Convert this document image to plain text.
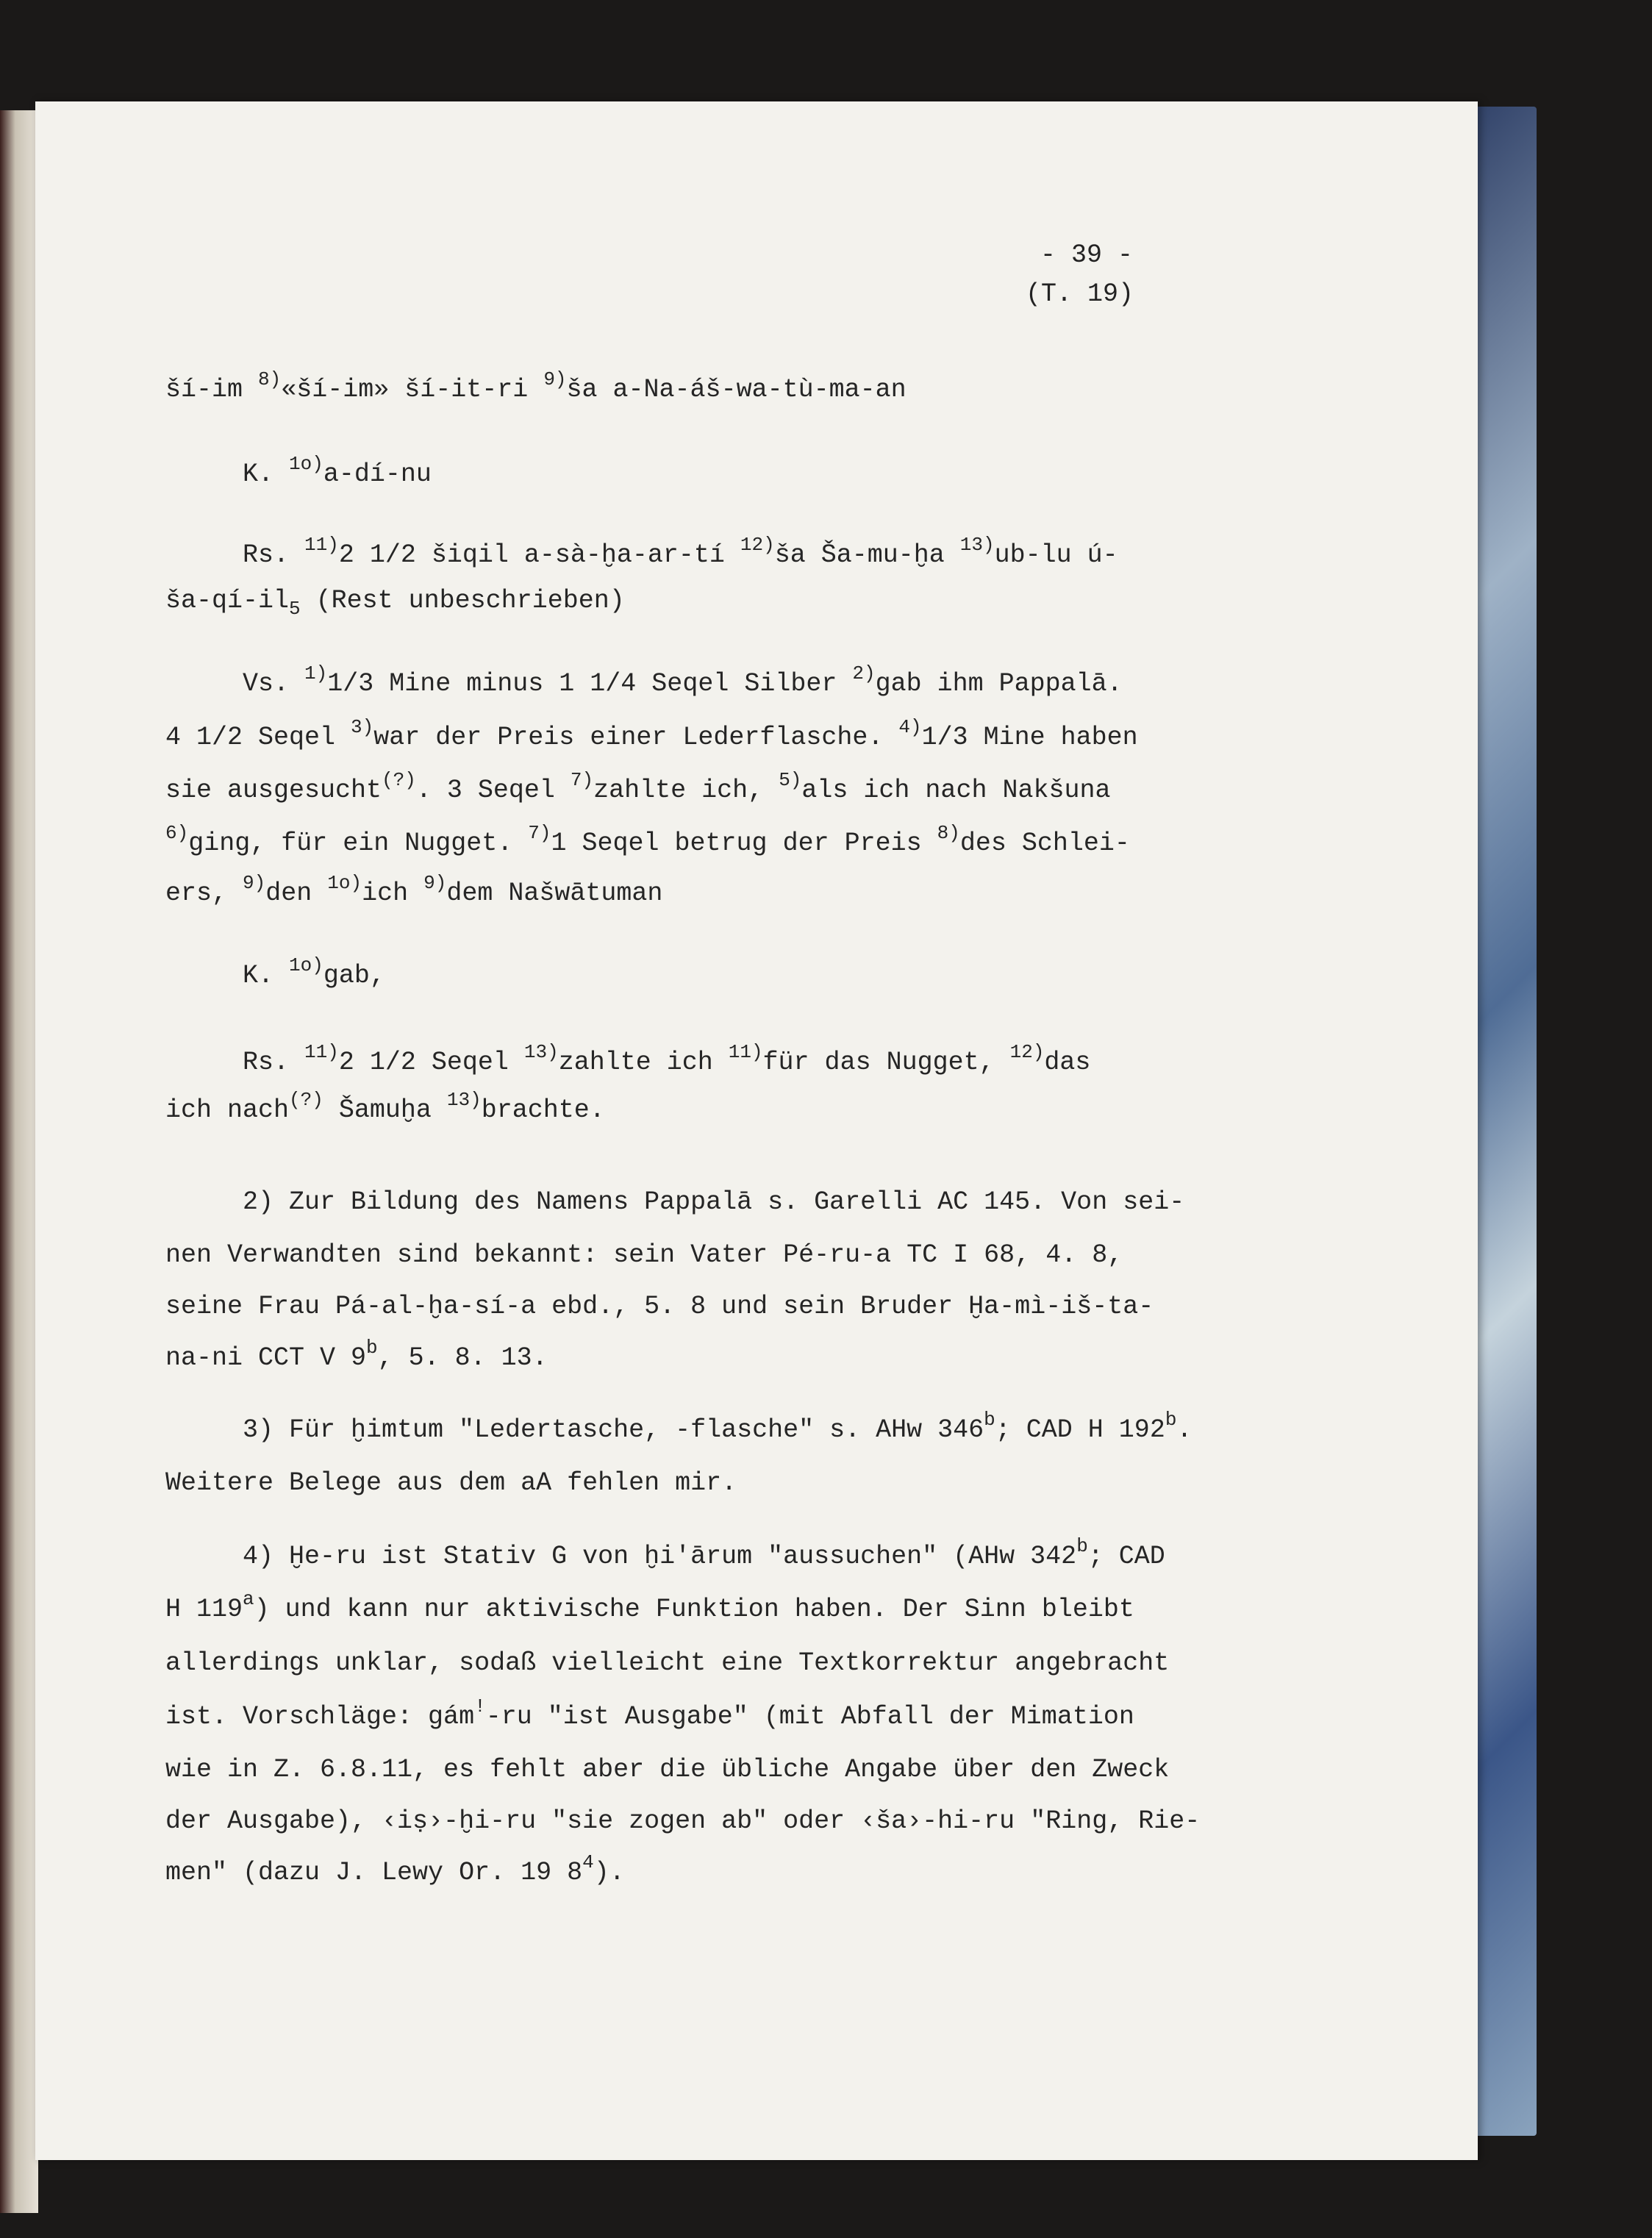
- 39 -
(T. 19)
ší-im $^{8)}$«ší-im» ší-it-ri $^{9)}$ša a-Na-áš-wa-tù-ma-an
K. $^{1o)}$a-dí-nu
Rs. $^{11)}$2 1/2 šiqil a-sà-ḫa-ar-tí $^{12)}$ša Ša-mu-ḫa $^{13)}$ub-lu ú-
$ša-qí-il_5$ (Rest unbeschrieben)
Vs. $^{1)}$1/3 Mine minus 1 1/4 Seqel Silber $^{2)}$gab ihm Pappalā.
4 1/2 Seqel $^{3)}$war der Preis einer Lederflasche. $^{4)}$1/3 Mine haben
sie ausgesucht(?). 3 Seqel $^{7)}$zahlte ich, $^{5)}$als ich nach Nakšuna
$^{6)}$ging, für ein Nugget. $^{7)}$1 Seqel betrug der Preis $^{8)}$des Schlei-
ers, $^{9)}$den $^{1o)}$ich $^{9)}$dem Našwātuman
K. $^{1o)}$gab,
Rs. $^{11)}$2 1/2 Seqel $^{13)}$zahlte ich $^{11)}$für das Nugget, $^{12)}$das
ich nach(?) Šamuḫa $^{13)}$brachte.
2) Zur Bildung des Namens Pappalā s. Garelli AC 145. Von sei-
nen Verwandten sind bekannt: sein Vater Pé-ru-a TC I 68, 4. 8,
seine Frau Pá-al-ḫa-sí-a ebd., 5. 8 und sein Bruder Ḫa-mì-iš-ta-
na-ni CCT V 9$^b$, 5. 8. 13.
3) Für ḫimtum "Ledertasche, -flasche" s. AHw 346$^b$; CAD H 192$^b$.
Weitere Belege aus dem aA fehlen mir.
4) Ḫe-ru ist Stativ G von ḫi'ārum "aussuchen" (AHw 342$^b$; CAD
H 119$^a$) und kann nur aktivische Funktion haben. Der Sinn bleibt
allerdings unklar, sodaß vielleicht eine Textkorrektur angebracht
ist. Vorschläge: gám!-ru "ist Ausgabe" (mit Abfall der Mimation
wie in Z. 6.8.11, es fehlt aber die übliche Angabe über den Zweck
der Ausgabe), ‹iṣ›-ḫi-ru "sie zogen ab" oder ‹ša›-hi-ru "Ring, Rie-
men" (dazu J. Lewy Or. 19 $8^4$).
